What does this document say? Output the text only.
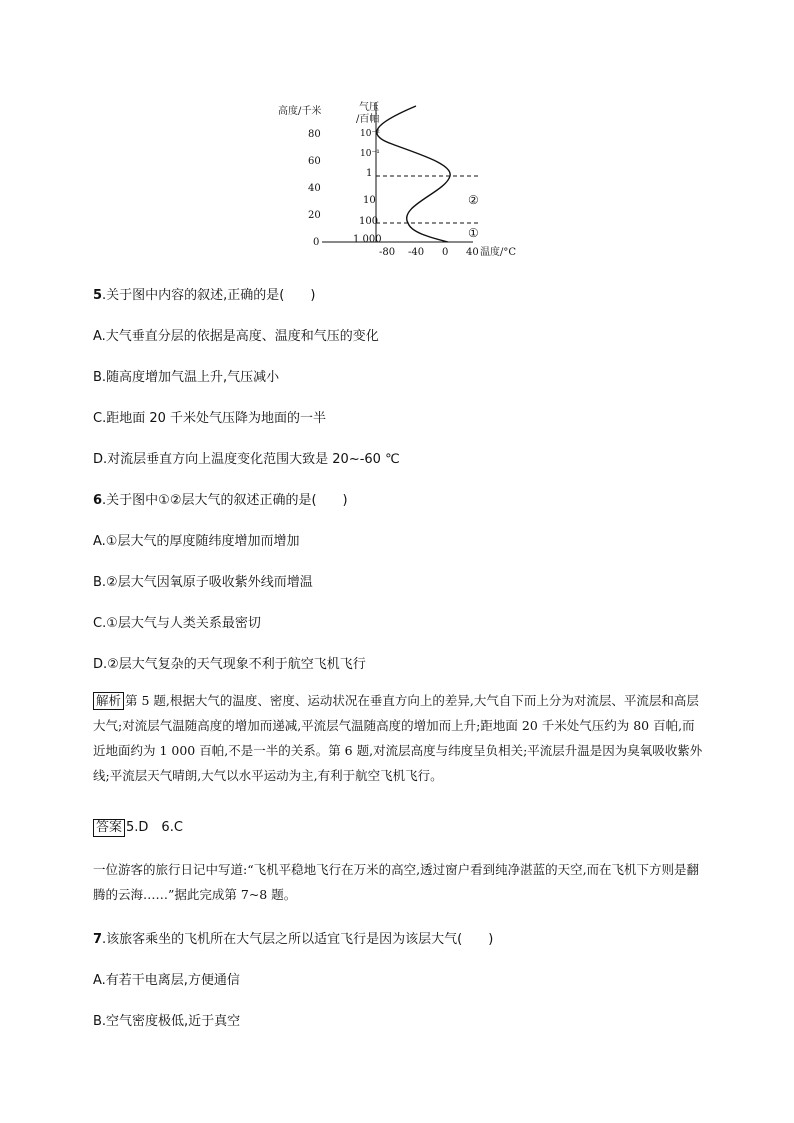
高度/千米	气压
/百帕
80
60
40
20
0
10⁻²
10⁻¹
1
10
100
1 000
-80 -40 0 40 温度/°C
②
①
5.关于图中内容的叙述,正确的是(　　)
A.大气垂直分层的依据是高度、温度和气压的变化
B.随高度增加气温上升,气压减小
C.距地面 20 千米处气压降为地面的一半
D.对流层垂直方向上温度变化范围大致是 20~-60 ℃
6.关于图中①②层大气的叙述正确的是(　　)
A.①层大气的厚度随纬度增加而增加
B.②层大气因氧原子吸收紫外线而增温
C.①层大气与人类关系最密切
D.②层大气复杂的天气现象不利于航空飞机飞行
解析 第 5 题,根据大气的温度、密度、运动状况在垂直方向上的差异,大气自下而上分为对流层、平流层和高层大气;对流层气温随高度的增加而递减,平流层气温随高度的增加而上升;距地面 20 千米处气压约为 80 百帕,而近地面约为 1 000 百帕,不是一半的关系。第 6 题,对流层高度与纬度呈负相关;平流层升温是因为臭氧吸收紫外线;平流层天气晴朗,大气以水平运动为主,有利于航空飞机飞行。
答案 5.D　6.C
一位游客的旅行日记中写道:“飞机平稳地飞行在万米的高空,透过窗户看到纯净湛蓝的天空,而在飞机下方则是翻腾的云海……”据此完成第 7~8 题。
7.该旅客乘坐的飞机所在大气层之所以适宜飞行是因为该层大气(　　)
A.有若干电离层,方便通信
B.空气密度极低,近于真空
